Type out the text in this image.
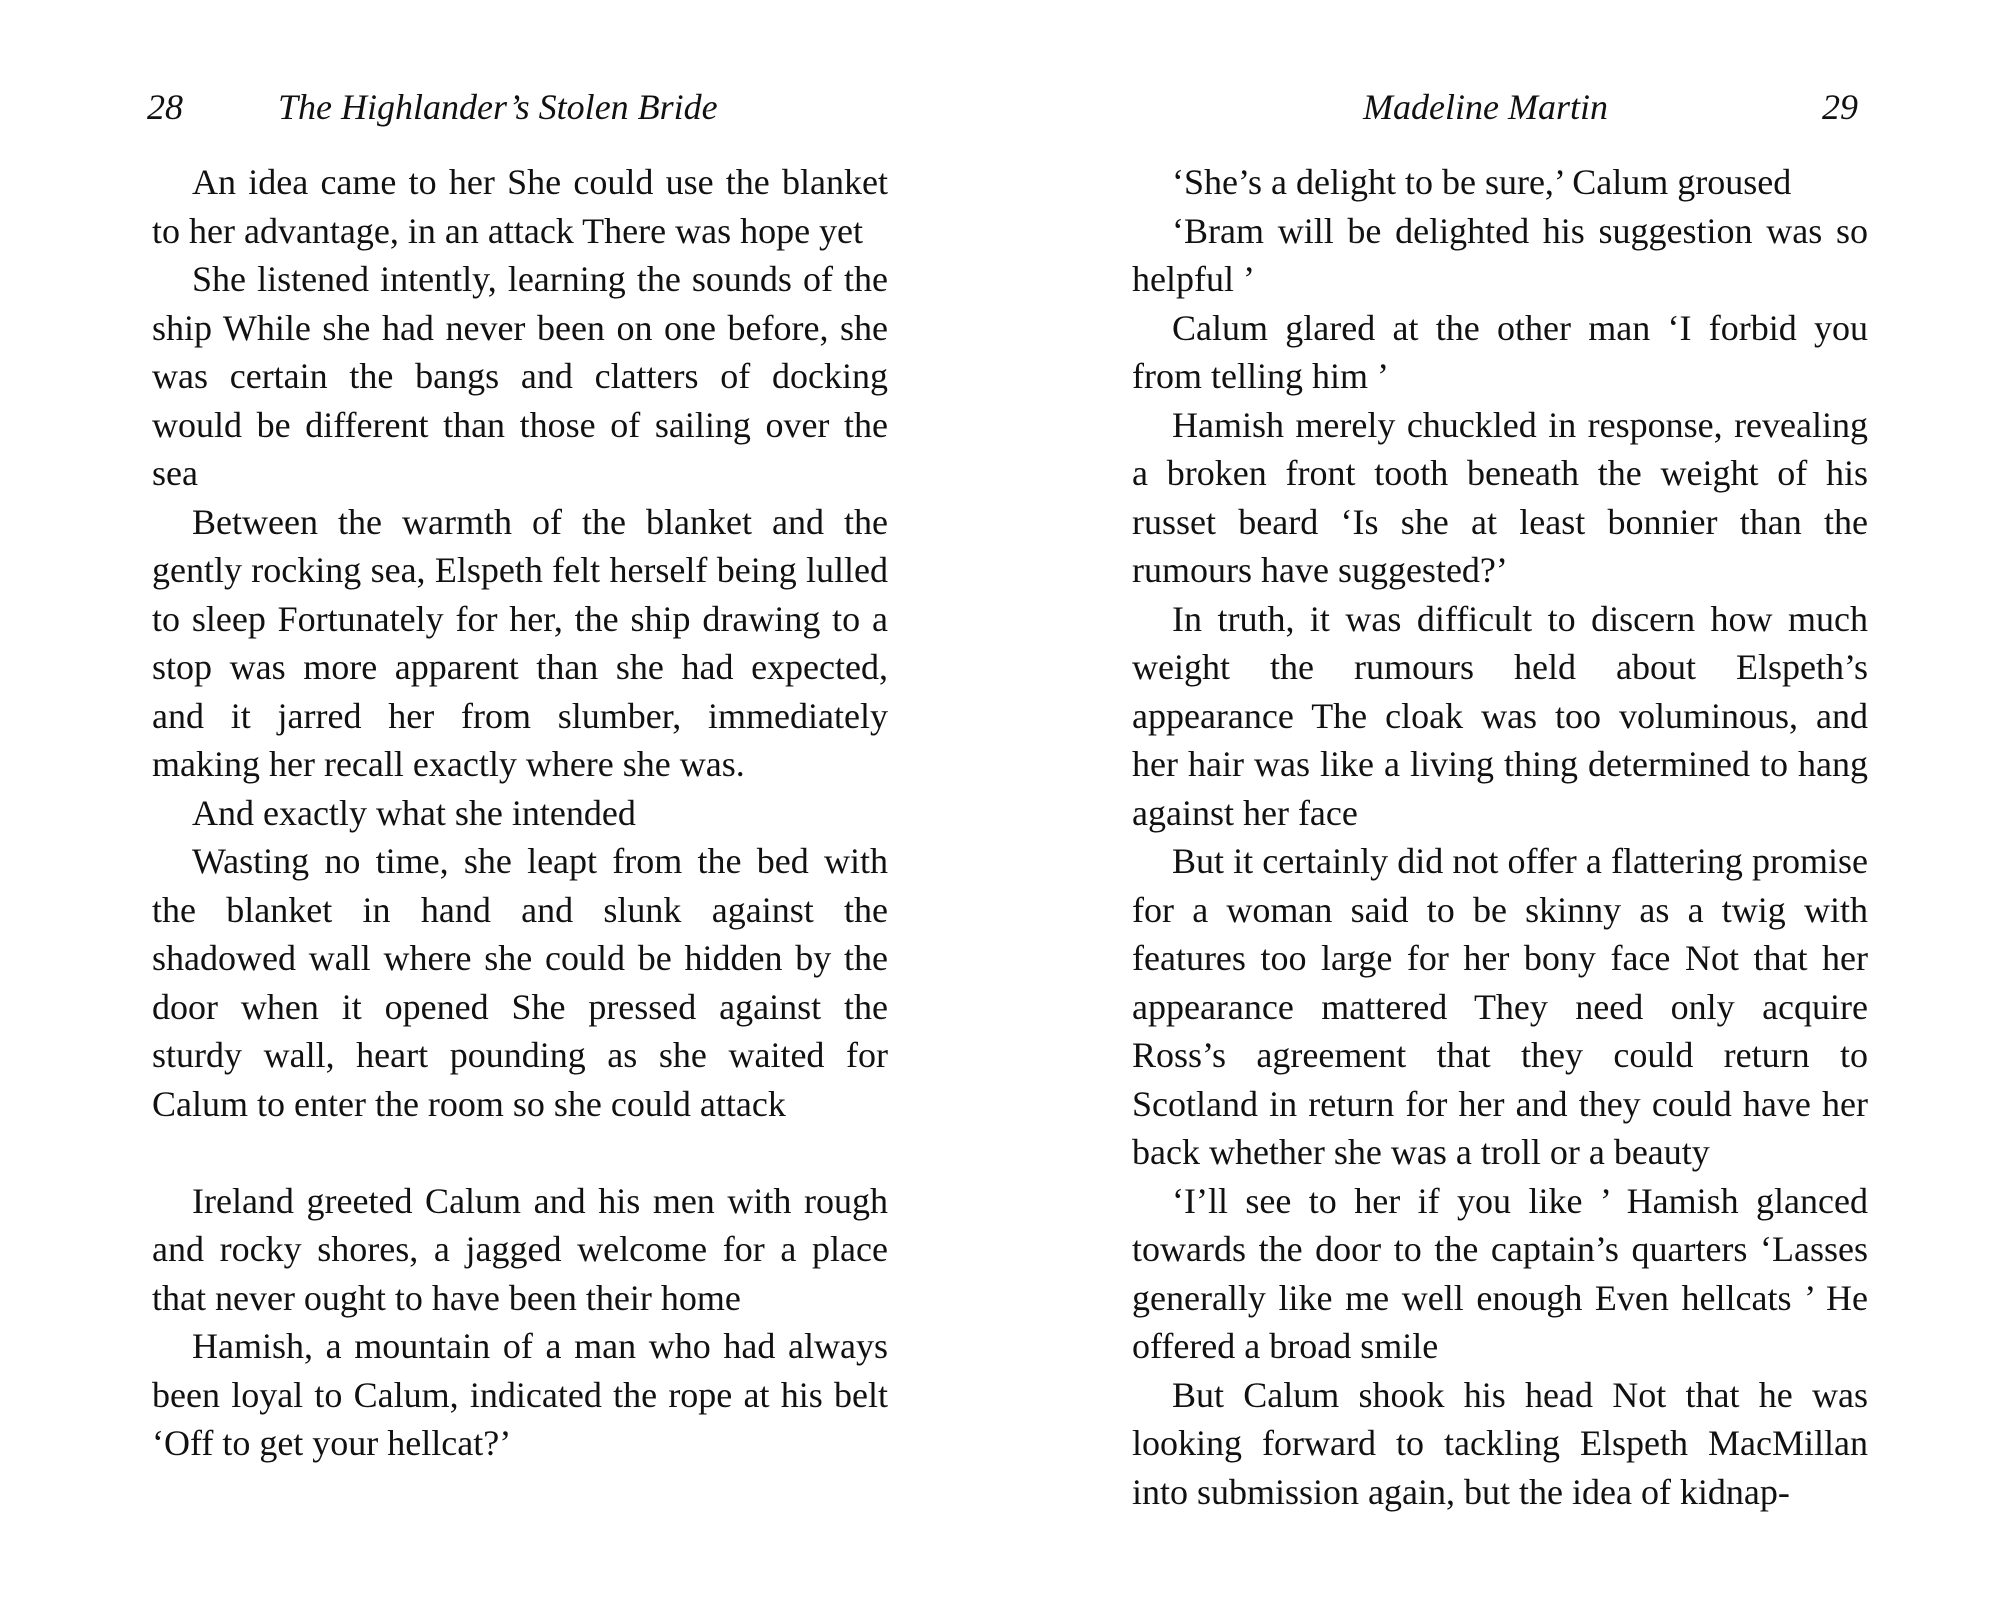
28	The Highlander’s Stolen Bride

An idea came to her She could use the blanket to her advantage, in an attack There was hope yet

She listened intently, learning the sounds of the ship While she had never been on one before, she was certain the bangs and clatters of docking would be different than those of sailing over the sea

Between the warmth of the blanket and the gently rocking sea, Elspeth felt herself being lulled to sleep Fortunately for her, the ship drawing to a stop was more apparent than she had expected, and it jarred her from slumber, immediately making her recall exactly where she was.

And exactly what she intended

Wasting no time, she leapt from the bed with the blanket in hand and slunk against the shadowed wall where she could be hidden by the door when it opened She pressed against the sturdy wall, heart pounding as she waited for Calum to enter the room so she could attack

Ireland greeted Calum and his men with rough and rocky shores, a jagged welcome for a place that never ought to have been their home

Hamish, a mountain of a man who had always been loyal to Calum, indicated the rope at his belt ‘Off to get your hellcat?’

Madeline Martin	29

‘She’s a delight to be sure,’ Calum groused

‘Bram will be delighted his suggestion was so helpful ’

Calum glared at the other man ‘I forbid you from telling him ’

Hamish merely chuckled in response, revealing a broken front tooth beneath the weight of his russet beard ‘Is she at least bonnier than the rumours have suggested?’

In truth, it was difficult to discern how much weight the rumours held about Elspeth’s appearance The cloak was too voluminous, and her hair was like a living thing determined to hang against her face

But it certainly did not offer a flattering promise for a woman said to be skinny as a twig with features too large for her bony face Not that her appearance mattered They need only acquire Ross’s agreement that they could return to Scotland in return for her and they could have her back whether she was a troll or a beauty

‘I’ll see to her if you like ’ Hamish glanced towards the door to the captain’s quarters ‘Lasses generally like me well enough Even hellcats ’ He offered a broad smile

But Calum shook his head Not that he was looking forward to tackling Elspeth MacMillan into submission again, but the idea of kidnap-
